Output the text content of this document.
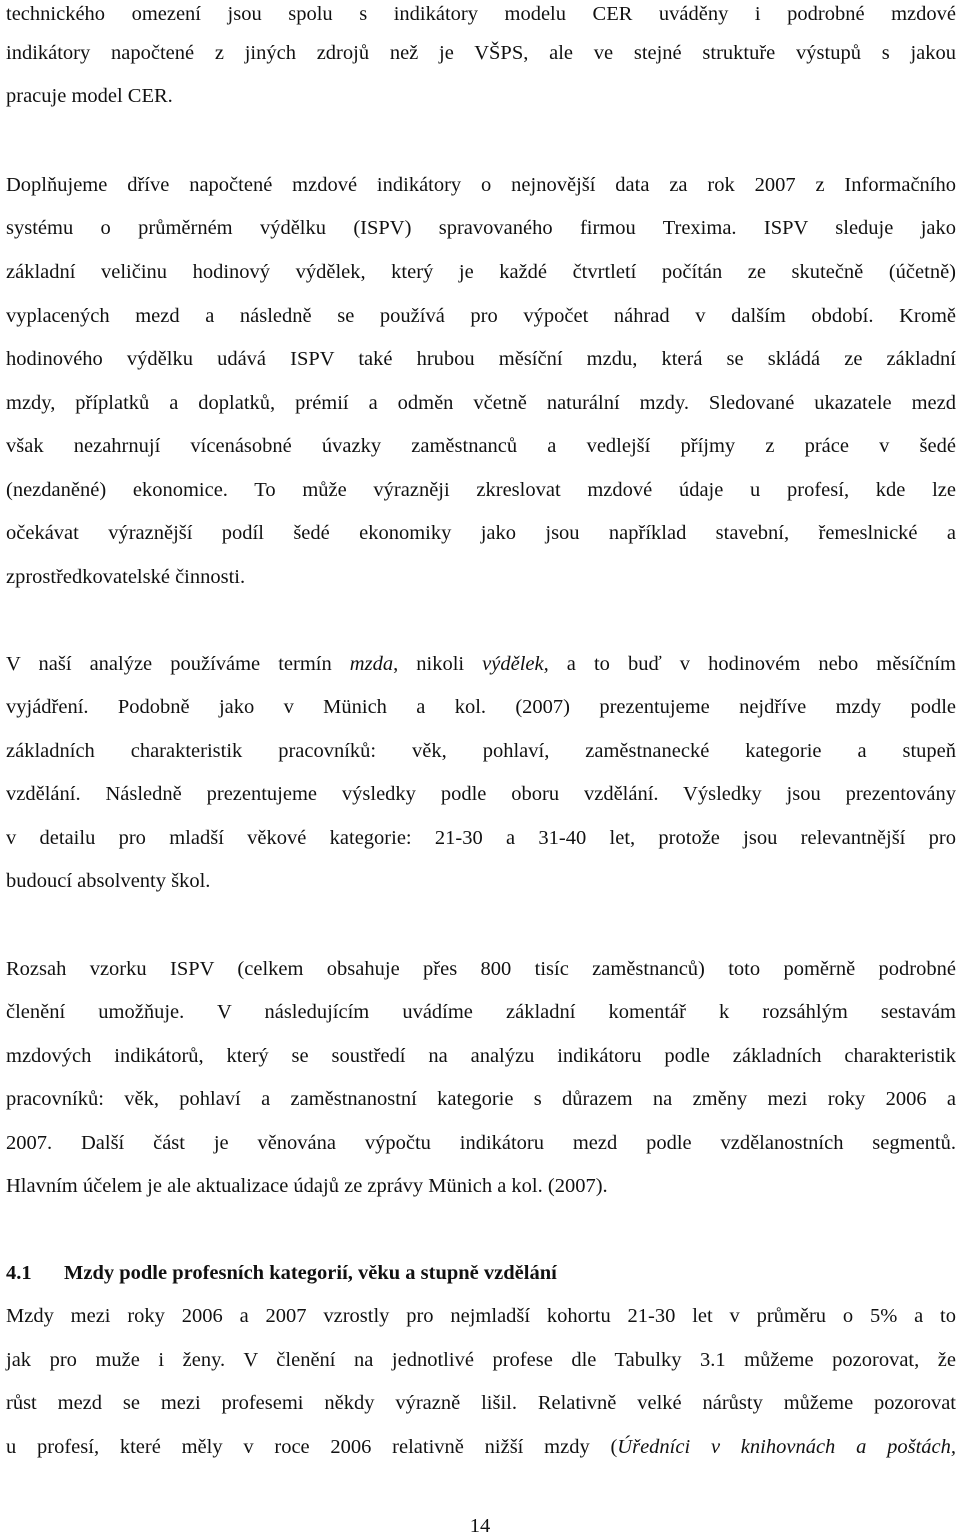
technického omezení jsou spolu s indikátory modelu CER uváděny i podrobné mzdové
indikátory napočtené z jiných zdrojů než je VŠPS, ale ve stejné struktuře výstupů s jakou
pracuje model CER.
Doplňujeme dříve napočtené mzdové indikátory o nejnovější data za rok 2007 z Informačního
systému o průměrném výdělku (ISPV) spravovaného firmou Trexima. ISPV sleduje jako
základní veličinu hodinový výdělek, který je každé čtvrtletí počítán ze skutečně (účetně)
vyplacených mezd a následně se používá pro výpočet náhrad v dalším období. Kromě
hodinového výdělku udává ISPV také hrubou měsíční mzdu, která se skládá ze základní
mzdy, příplatků a doplatků, prémií a odměn včetně naturální mzdy. Sledované ukazatele mezd
však nezahrnují vícenásobné úvazky zaměstnanců a vedlejší příjmy z práce v šedé
(nezdaněné) ekonomice. To může výrazněji zkreslovat mzdové údaje u profesí, kde lze
očekávat výraznější podíl šedé ekonomiky jako jsou například stavební, řemeslnické a
zprostředkovatelské činnosti.
V naší analýze používáme termín mzda, nikoli výdělek, a to buď v hodinovém nebo měsíčním
vyjádření. Podobně jako v Münich a kol. (2007) prezentujeme nejdříve mzdy podle
základních charakteristik pracovníků: věk, pohlaví, zaměstnanecké kategorie a stupeň
vzdělání. Následně prezentujeme výsledky podle oboru vzdělání. Výsledky jsou prezentovány
v detailu pro mladší věkové kategorie: 21-30 a 31-40 let, protože jsou relevantnější pro
budoucí absolventy škol.
Rozsah vzorku ISPV (celkem obsahuje přes 800 tisíc zaměstnanců) toto poměrně podrobné
členění umožňuje. V následujícím uvádíme základní komentář k rozsáhlým sestavám
mzdových indikátorů, který se soustředí na analýzu indikátoru podle základních charakteristik
pracovníků: věk, pohlaví a zaměstnanostní kategorie s důrazem na změny mezi roky 2006 a
2007. Další část je věnována výpočtu indikátoru mezd podle vzdělanostních segmentů.
Hlavním účelem je ale aktualizace údajů ze zprávy Münich a kol. (2007).
4.1 Mzdy podle profesních kategorií, věku a stupně vzdělání
Mzdy mezi roky 2006 a 2007 vzrostly pro nejmladší kohortu 21-30 let v průměru o 5% a to
jak pro muže i ženy. V členění na jednotlivé profese dle Tabulky 3.1 můžeme pozorovat, že
růst mezd se mezi profesemi někdy výrazně lišil. Relativně velké nárůsty můžeme pozorovat
u profesí, které měly v roce 2006 relativně nižší mzdy (Úředníci v knihovnách a poštách,
14
